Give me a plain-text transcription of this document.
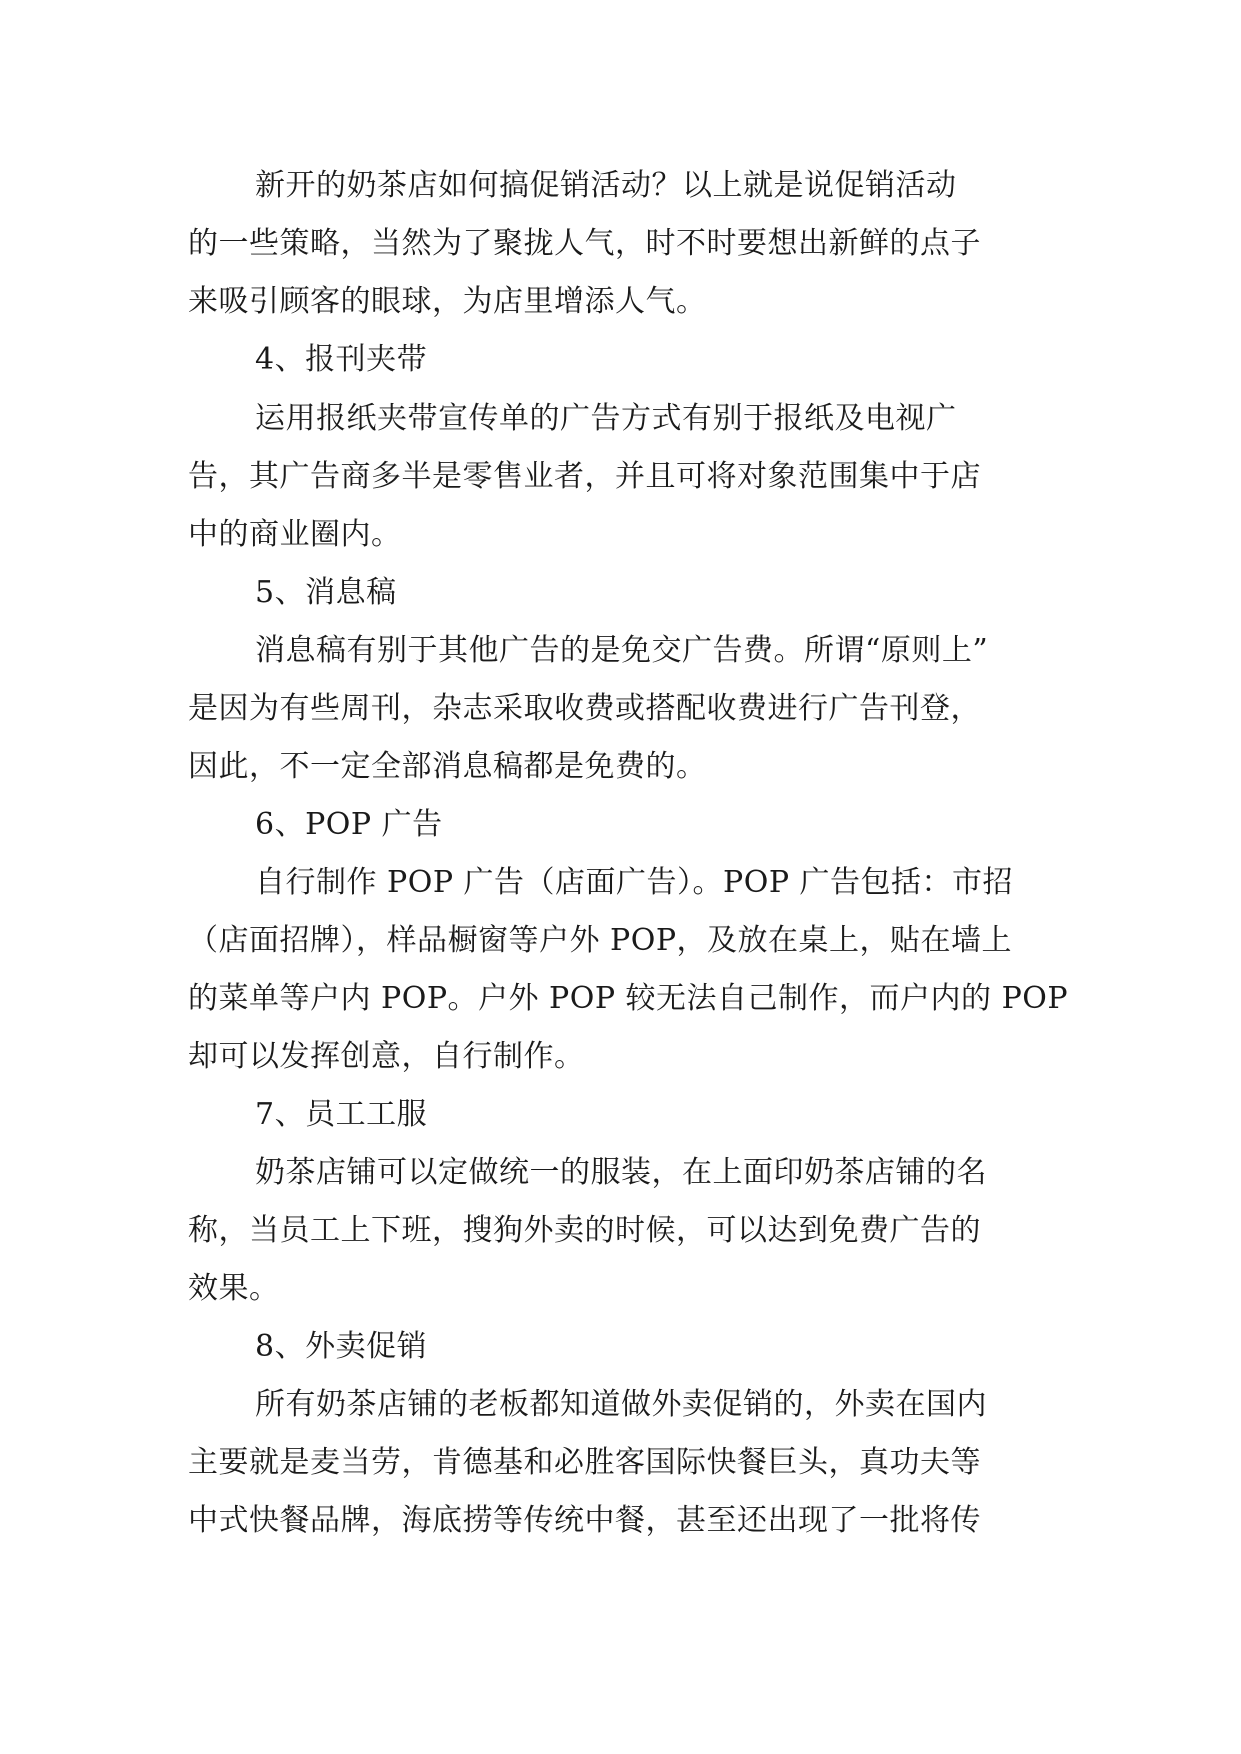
新开的奶茶店如何搞促销活动？以上就是说促销活动
的一些策略，当然为了聚拢人气，时不时要想出新鲜的点子
来吸引顾客的眼球，为店里增添人气。
4、报刊夹带
运用报纸夹带宣传单的广告方式有别于报纸及电视广
告，其广告商多半是零售业者，并且可将对象范围集中于店
中的商业圈内。
5、消息稿
消息稿有别于其他广告的是免交广告费。所谓“原则上”
是因为有些周刊，杂志采取收费或搭配收费进行广告刊登，
因此，不一定全部消息稿都是免费的。
6、POP 广告
自行制作 POP 广告（店面广告）。POP 广告包括：市招
（店面招牌），样品橱窗等户外 POP，及放在桌上，贴在墙上
的菜单等户内 POP。户外 POP 较无法自己制作，而户内的 POP
却可以发挥创意，自行制作。
7、员工工服
奶茶店铺可以定做统一的服装，在上面印奶茶店铺的名
称，当员工上下班，搜狗外卖的时候，可以达到免费广告的
效果。
8、外卖促销
所有奶茶店铺的老板都知道做外卖促销的，外卖在国内
主要就是麦当劳，肯德基和必胜客国际快餐巨头，真功夫等
中式快餐品牌，海底捞等传统中餐，甚至还出现了一批将传
